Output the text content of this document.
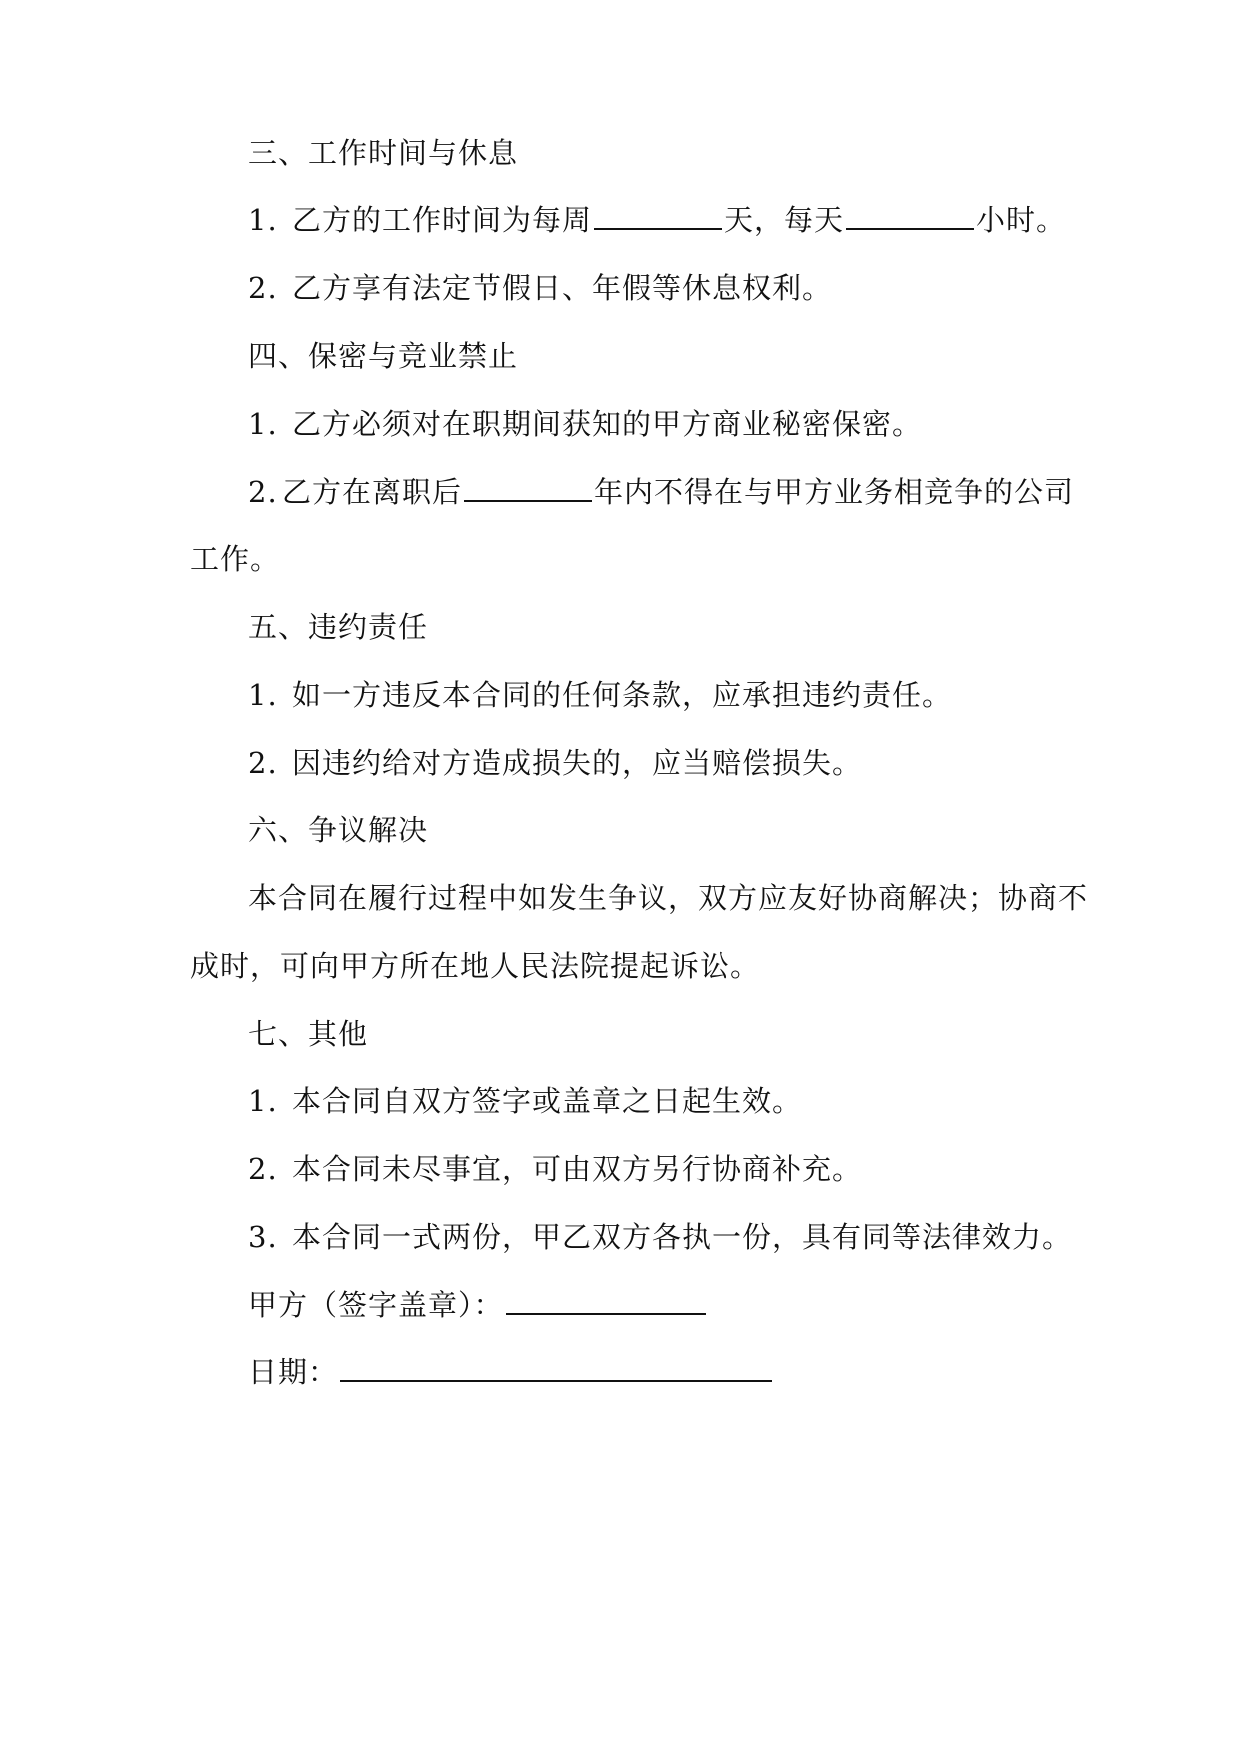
三、工作时间与休息
1. 乙方的工作时间为每周	天，每天	小时。
2. 乙方享有法定节假日、年假等休息权利。
四、保密与竞业禁止
1. 乙方必须对在职期间获知的甲方商业秘密保密。
2. 乙方在离职后	年内不得在与甲方业务相竞争的公司
工作。
五、违约责任
1. 如一方违反本合同的任何条款，应承担违约责任。
2. 因违约给对方造成损失的，应当赔偿损失。
六、争议解决
本合同在履行过程中如发生争议，双方应友好协商解决；协商不
成时，可向甲方所在地人民法院提起诉讼。
七、其他
1. 本合同自双方签字或盖章之日起生效。
2. 本合同未尽事宜，可由双方另行协商补充。
3. 本合同一式两份，甲乙双方各执一份，具有同等法律效力。
甲方（签字盖章）：
日期：
